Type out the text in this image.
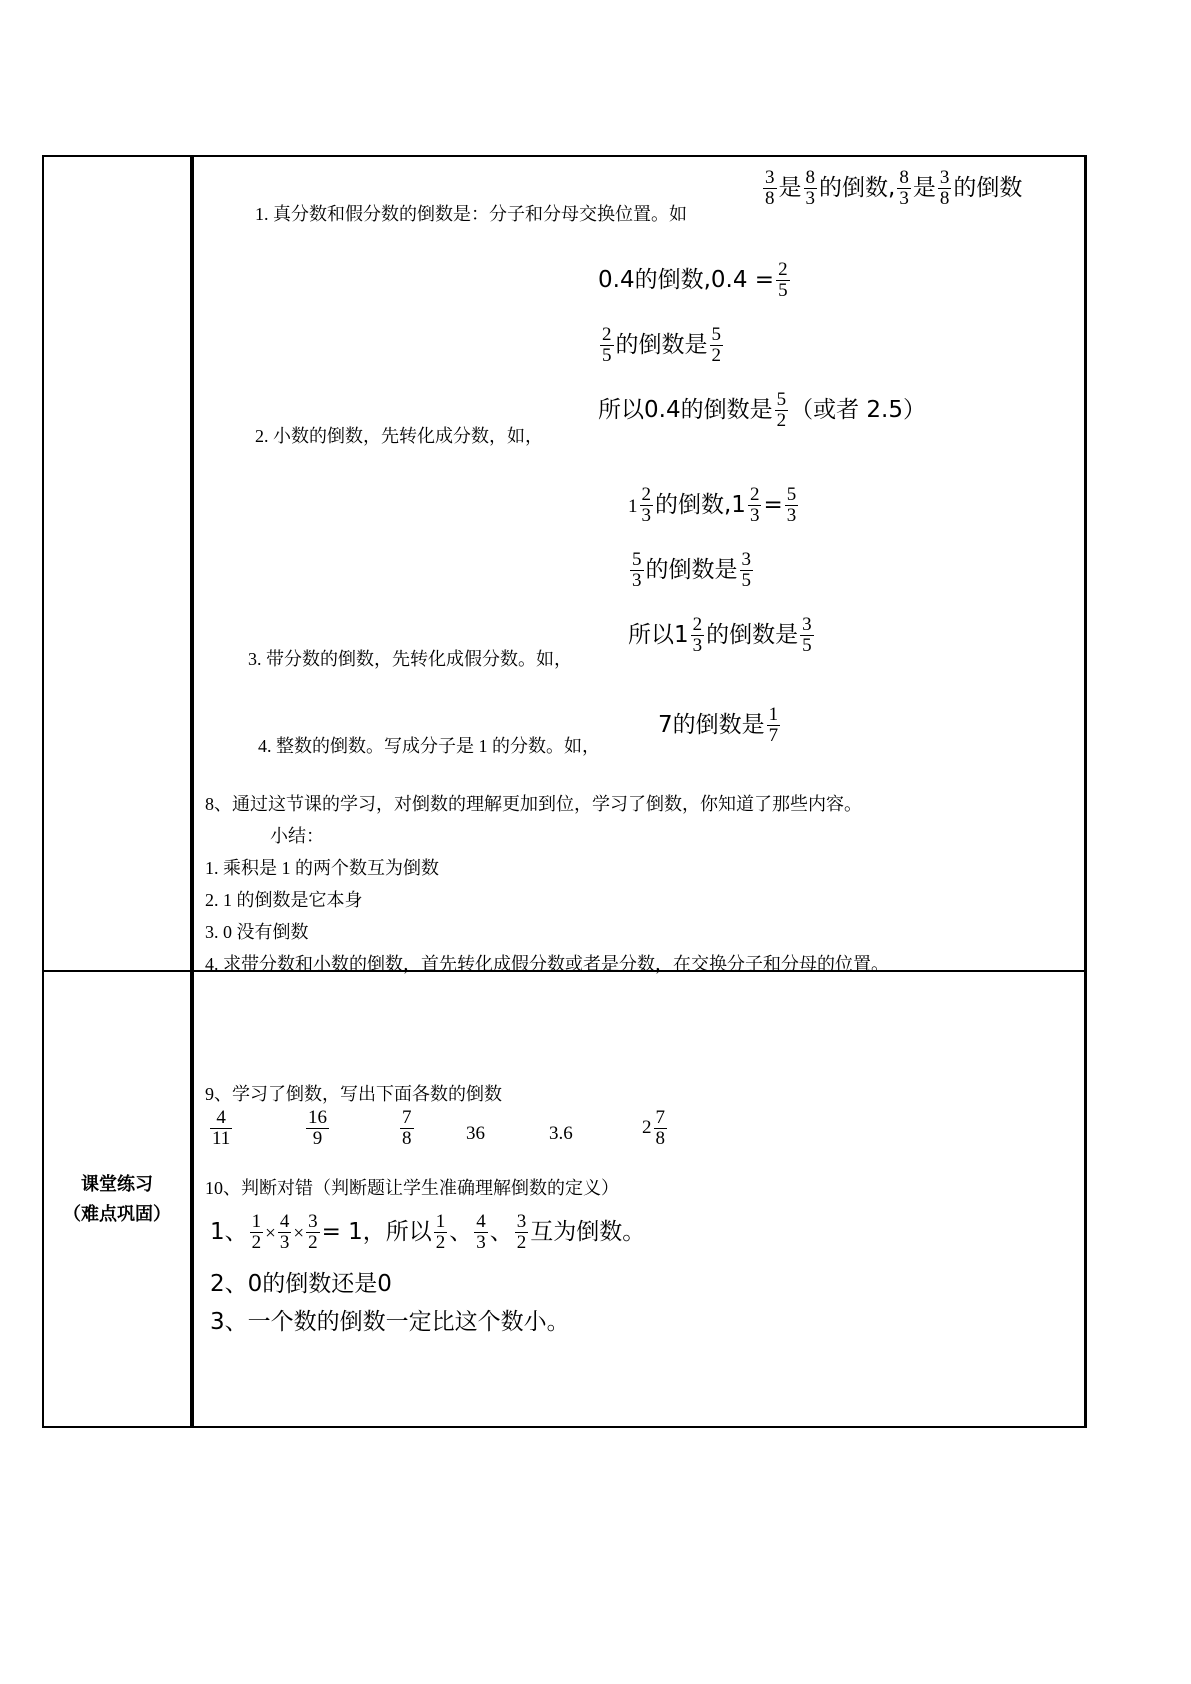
课堂练习
（难点巩固）
1. 真分数和假分数的倒数是：分子和分母交换位置。如
$\frac{3}{8}$ 是 $\frac{8}{3}$ 的倒数, $\frac{8}{3}$ 是 $\frac{3}{8}$ 的倒数
0.4的倒数$,0.4 = \frac{2}{5}$
$\frac{2}{5}$ 的倒数是 $\frac{5}{2}$
所以0.4的倒数是 $\frac{5}{2}$ （或者 2.5）
2. 小数的倒数，先转化成分数，如，
$1 \frac{2}{3}$ 的倒数$,1 \frac{2}{3} = \frac{5}{3}$
$\frac{5}{3}$ 的倒数是 $\frac{3}{5}$
所以$1 \frac{2}{3}$ 的倒数是 $\frac{3}{5}$
3. 带分数的倒数，先转化成假分数。如，
7的倒数是 $\frac{1}{7}$
4. 整数的倒数。写成分子是 1 的分数。如，
8、通过这节课的学习，对倒数的理解更加到位，学习了倒数，你知道了那些内容。
小结：
1. 乘积是 1 的两个数互为倒数
2. 1 的倒数是它本身
3. 0 没有倒数
4. 求带分数和小数的倒数，首先转化成假分数或者是分数，在交换分子和分母的位置。
9、学习了倒数，写出下面各数的倒数
$\frac{4}{11}$	$\frac{16}{9}$	$\frac{7}{8}$	36	3.6	$2 \frac{7}{8}$
10、判断对错（判断题让学生准确理解倒数的定义）
1、 $\frac{1}{2} \times \frac{4}{3} \times \frac{3}{2} = 1$，所以 $\frac{1}{2}$ 、 $\frac{4}{3}$ 、 $\frac{3}{2}$ 互为倒数。
2、0的倒数还是0
3、一个数的倒数一定比这个数小。
